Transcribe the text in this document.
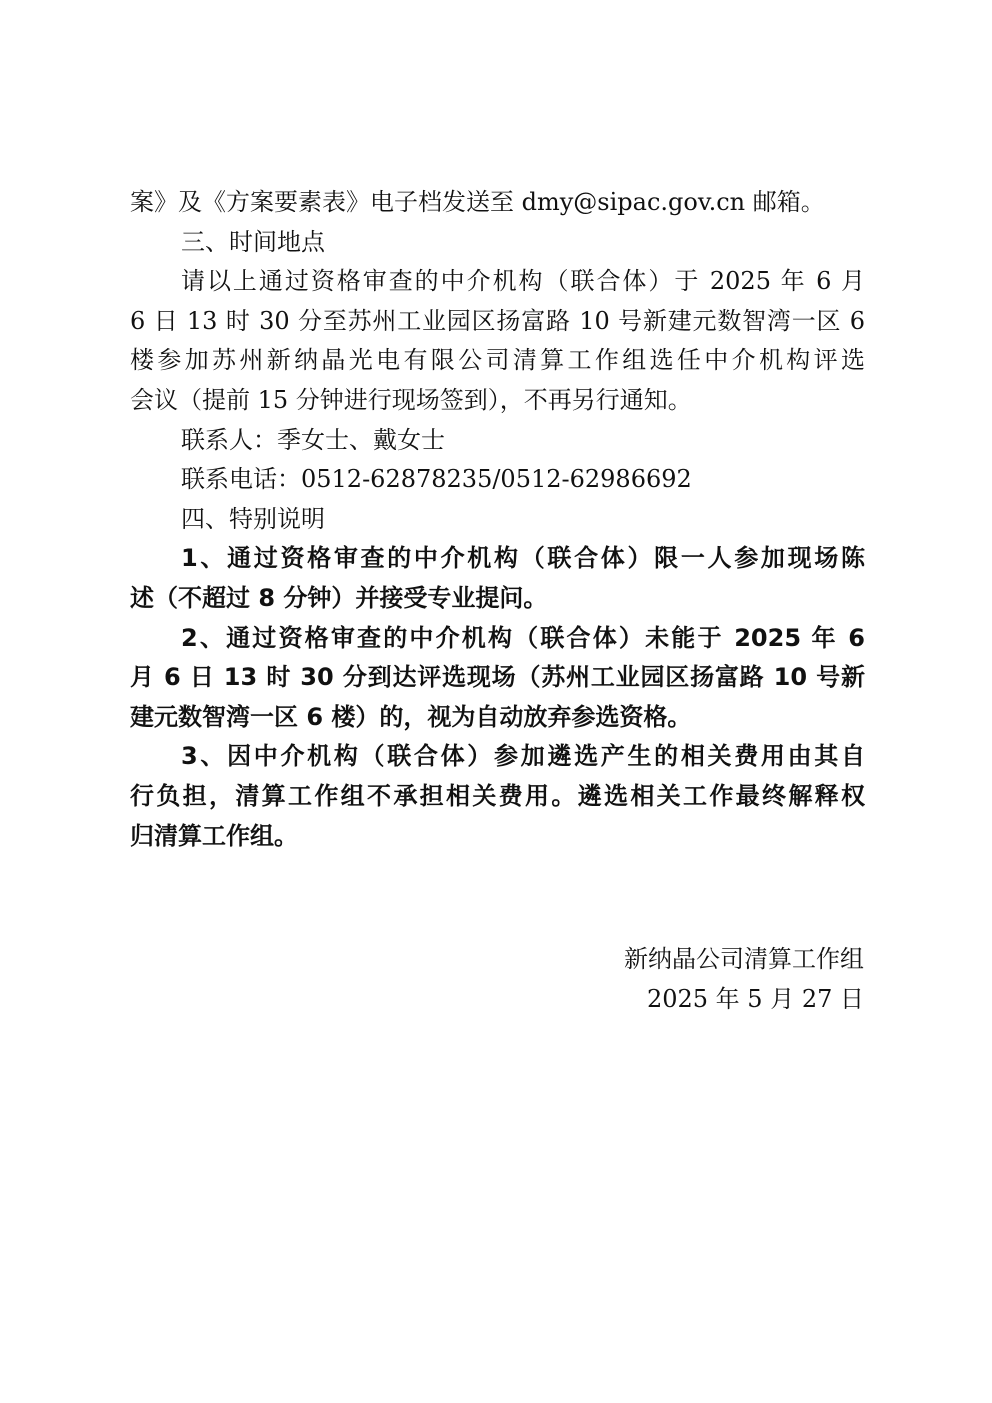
案》及《方案要素表》电子档发送至 dmy@sipac.gov.cn 邮箱。
三、时间地点
请以上通过资格审查的中介机构（联合体）于 2025 年 6 月
6 日 13 时 30 分至苏州工业园区扬富路 10 号新建元数智湾一区 6
楼参加苏州新纳晶光电有限公司清算工作组选任中介机构评选
会议（提前 15 分钟进行现场签到），不再另行通知。
联系人：季女士、戴女士
联系电话：0512-62878235/0512-62986692
四、特别说明
1、通过资格审查的中介机构（联合体）限一人参加现场陈
述（不超过 8 分钟）并接受专业提问。
2、通过资格审查的中介机构（联合体）未能于 2025 年 6
月 6 日 13 时 30 分到达评选现场（苏州工业园区扬富路 10 号新
建元数智湾一区 6 楼）的，视为自动放弃参选资格。
3、因中介机构（联合体）参加遴选产生的相关费用由其自
行负担，清算工作组不承担相关费用。遴选相关工作最终解释权
归清算工作组。
新纳晶公司清算工作组
2025 年 5 月 27 日
